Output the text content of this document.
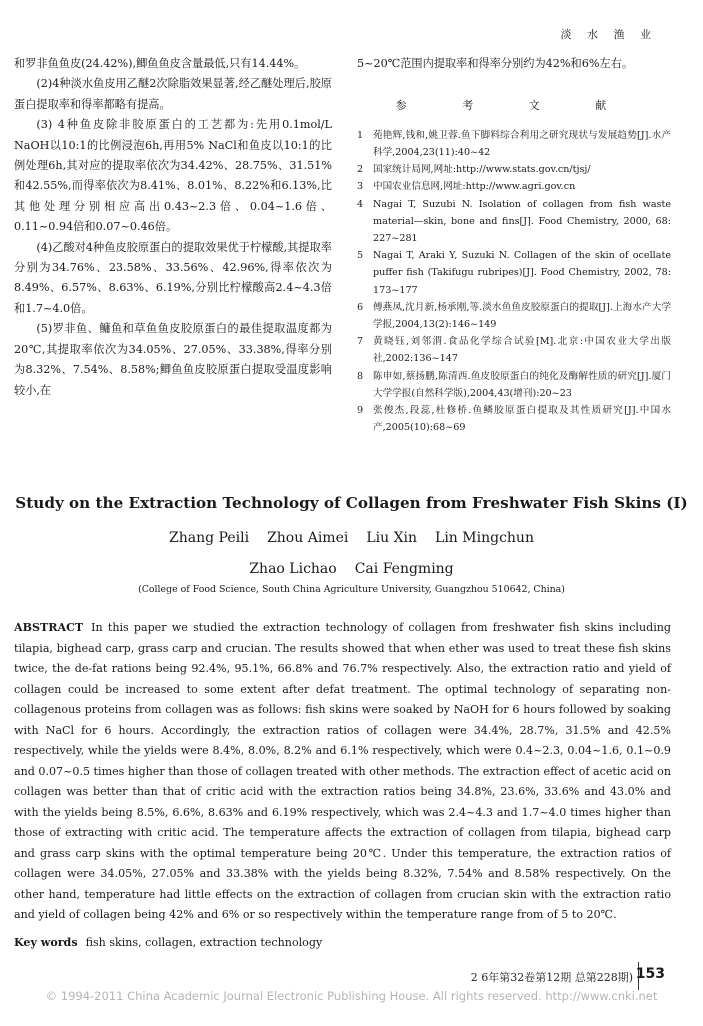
淡 水 渔 业

和罗非鱼鱼皮(24.42%),鲫鱼鱼皮含量最低,只有14.44%。

(2)4种淡水鱼皮用乙醚2次除脂效果显著,经乙醚处理后,胶原蛋白提取率和得率都略有提高。

(3) 4种鱼皮除非胶原蛋白的工艺都为:先用0.1mol/L NaOH以10:1的比例浸泡6h,再用5% NaCl和鱼皮以10:1的比例处理6h,其对应的提取率依次为34.42%、28.75%、31.51%和42.55%,而得率依次为8.41%、8.01%、8.22%和6.13%,比其他处理分别相应高出0.43~2.3倍、0.04~1.6倍、0.11~0.94倍和0.07~0.46倍。

(4)乙酸对4种鱼皮胶原蛋白的提取效果优于柠檬酸,其提取率分别为34.76%、23.58%、33.56%、42.96%,得率依次为8.49%、6.57%、8.63%、6.19%,分别比柠檬酸高2.4~4.3倍和1.7~4.0倍。

(5)罗非鱼、鳙鱼和草鱼鱼皮胶原蛋白的最佳提取温度都为20℃,其提取率依次为34.05%、27.05%、33.38%,得率分别为8.32%、7.54%、8.58%;鲫鱼鱼皮胶原蛋白提取受温度影响较小,在

5~20℃范围内提取率和得率分别约为42%和6%左右。

参 考 文 献
1	苑艳辉,钱和,姚卫蓉.鱼下脚料综合利用之研究现状与发展趋势[J].水产科学,2004,23(11):40~42
2	国家统计局网,网址:http://www.stats.gov.cn/tjsj/
3	中国农业信息网,网址:http://www.agri.gov.cn
4	Nagai T, Suzubi N. Isolation of collagen from fish waste material—skin, bone and fins[J]. Food Chemistry, 2000, 68: 227~281
5	Nagai T, Araki Y, Suzuki N. Collagen of the skin of ocellate puffer fish (Takifugu rubripes)[J]. Food Chemistry, 2002, 78: 173~177
6	傅燕凤,沈月新,杨承刚,等.淡水鱼鱼皮胶原蛋白的提取[J].上海水产大学学报,2004,13(2):146~149
7	黄晓钰,刘邻渭.食品化学综合试验[M].北京:中国农业大学出版社,2002:136~147
8	陈申如,蔡扬鹏,陈清西.鱼皮胶原蛋白的纯化及酶解性质的研究[J].厦门大学学报(自然科学版),2004,43(增刊):20~23
9	张俊杰,段蕊,杜修桥.鱼鳞胶原蛋白提取及其性质研究[J].中国水产,2005(10):68~69
Study on the Extraction Technology of Collagen from Freshwater Fish Skins (Ⅰ)
Zhang Peili Zhou Aimei Liu Xin Lin Mingchun
Zhao Lichao Cai Fengming
(College of Food Science, South China Agriculture University, Guangzhou 510642, China)
ABSTRACT In this paper we studied the extraction technology of collagen from freshwater fish skins including tilapia, bighead carp, grass carp and crucian. The results showed that when ether was used to treat these fish skins twice, the de-fat rations being 92.4%, 95.1%, 66.8% and 76.7% respectively. Also, the extraction ratio and yield of collagen could be increased to some extent after defat treatment. The optimal technology of separating non-collagenous proteins from collagen was as follows: fish skins were soaked by NaOH for 6 hours followed by soaking with NaCl for 6 hours. Accordingly, the extraction ratios of collagen were 34.4%, 28.7%, 31.5% and 42.5% respectively, while the yields were 8.4%, 8.0%, 8.2% and 6.1% respectively, which were 0.4~2.3, 0.04~1.6, 0.1~0.9 and 0.07~0.5 times higher than those of collagen treated with other methods. The extraction effect of acetic acid on collagen was better than that of critic acid with the extraction ratios being 34.8%, 23.6%, 33.6% and 43.0% and with the yields being 8.5%, 6.6%, 8.63% and 6.19% respectively, which was 2.4~4.3 and 1.7~4.0 times higher than those of extracting with critic acid. The temperature affects the extraction of collagen from tilapia, bighead carp and grass carp skins with the optimal temperature being 20℃. Under this temperature, the extraction ratios of collagen were 34.05%, 27.05% and 33.38% with the yields being 8.32%, 7.54% and 8.58% respectively. On the other hand, temperature had little effects on the extraction of collagen from crucian skin with the extraction ratio and yield of collagen being 42% and 6% or so respectively within the temperature range from of 5 to 20℃.
Key words fish skins, collagen, extraction technology
2 6年第32卷第12期 总第228期) 153
© 1994-2011 China Academic Journal Electronic Publishing House. All rights reserved. http://www.cnki.net
